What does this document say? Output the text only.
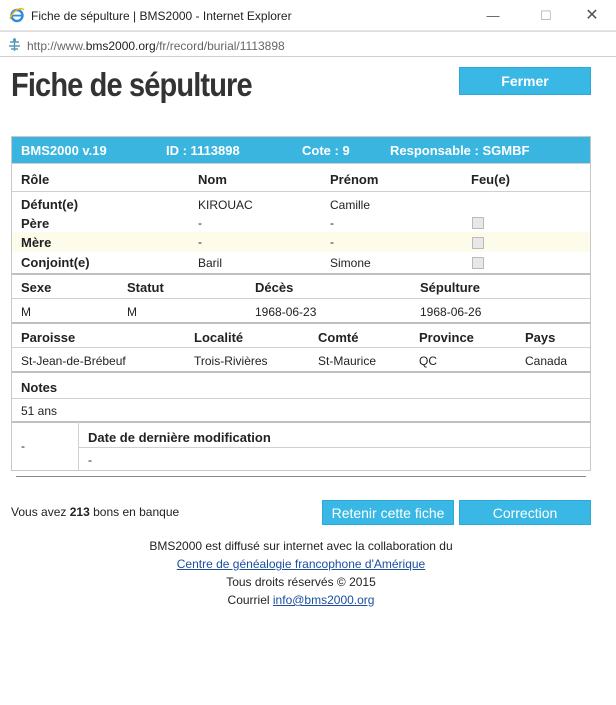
Fiche de sépulture | BMS2000 - Internet Explorer	—	☐	✕
http://www.bms2000.org/fr/record/burial/1113898
Fiche de sépulture	Fermer
BMS2000 v.19	ID : 1113898	Cote : 9	Responsable : SGMBF
Rôle	Nom	Prénom	Feu(e)
Défunt(e)	KIROUAC	Camille
Père	-	-
Mère	-	-
Conjoint(e)	Baril	Simone
Sexe	Statut	Décès	Sépulture
M	M	1968-06-23	1968-06-26
Paroisse	Localité	Comté	Province	Pays
St-Jean-de-Brébeuf	Trois-Rivières	St-Maurice	QC	Canada
Notes
51 ans
-
Date de dernière modification
-
Vous avez 213 bons en banque	Retenir cette fiche	Correction
BMS2000 est diffusé sur internet avec la collaboration du
Centre de généalogie francophone d'Amérique
Tous droits réservés © 2015
Courriel info@bms2000.org
